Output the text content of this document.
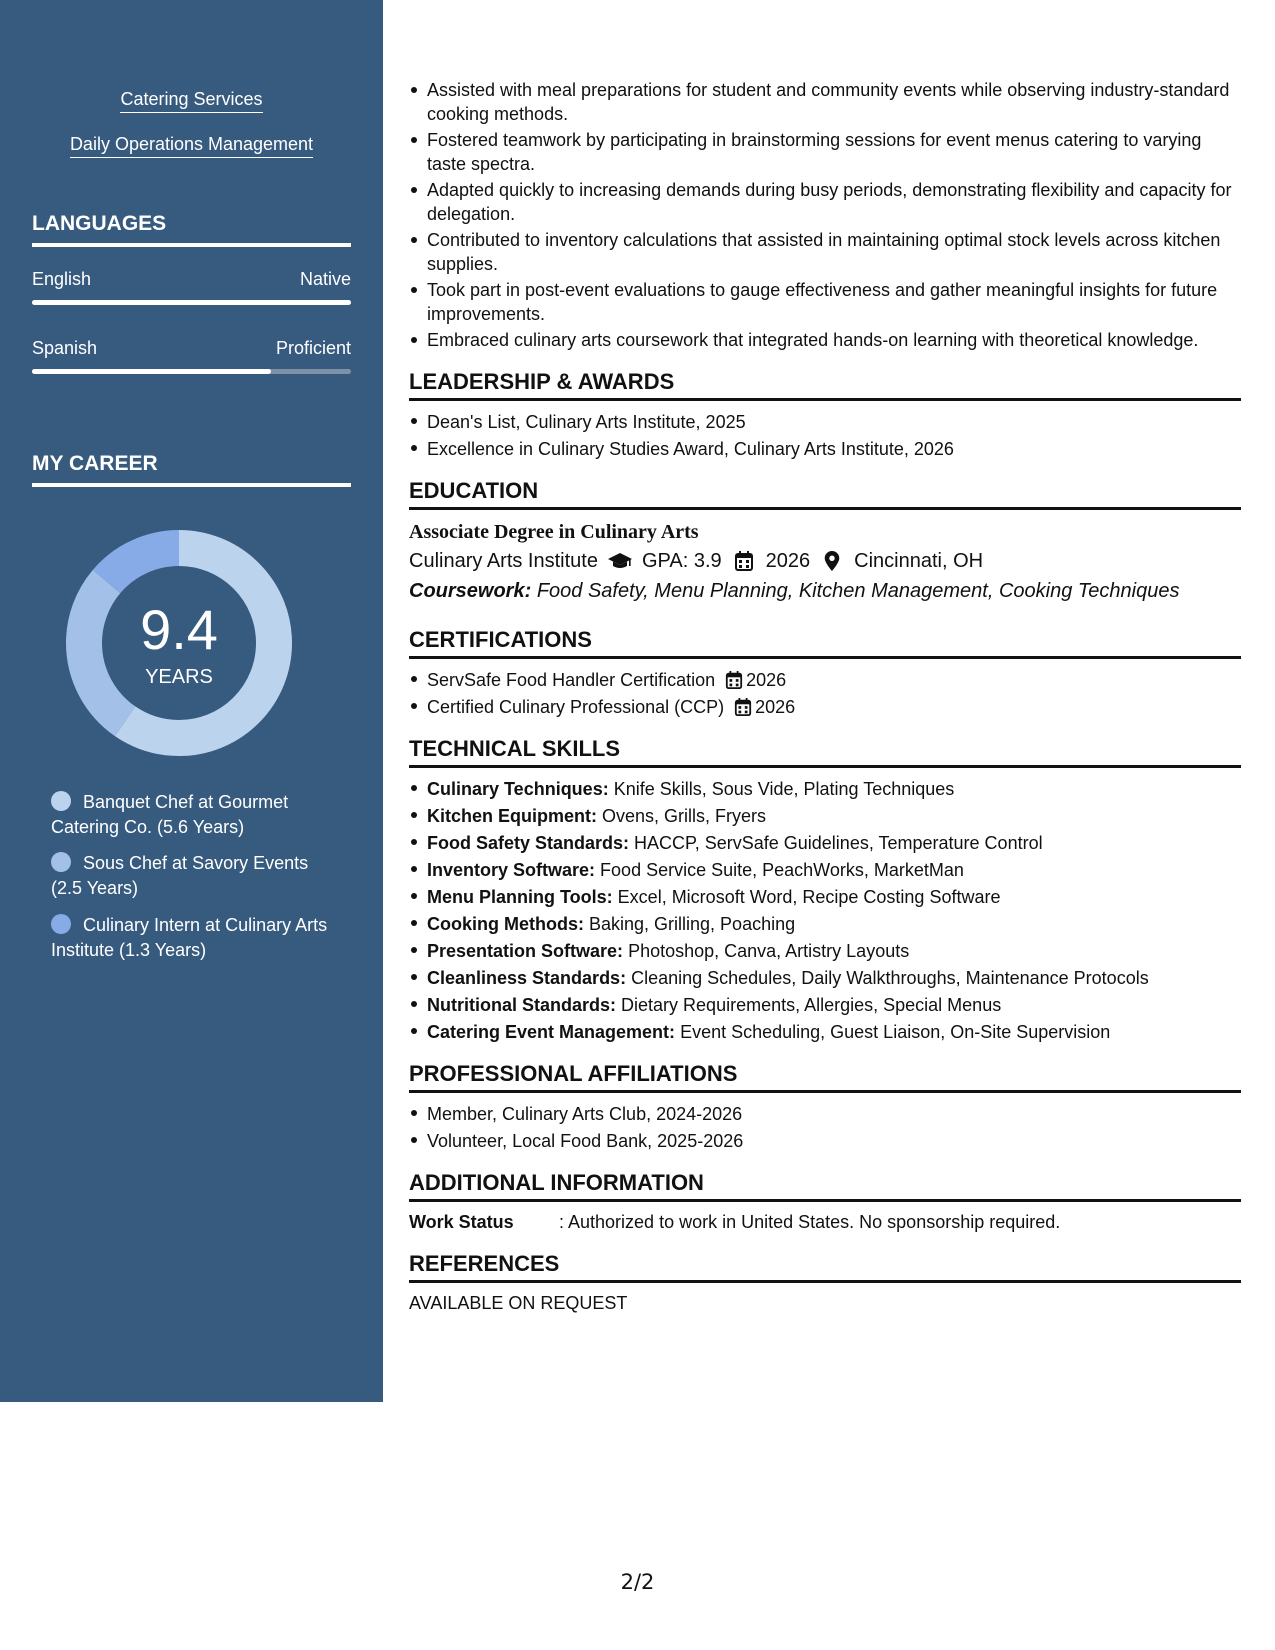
Catering Services
Daily Operations Management
LANGUAGES
English	Native
Spanish	Proficient
MY CAREER
9.4
YEARS
Banquet Chef at Gourmet Catering Co. (5.6 Years)
Sous Chef at Savory Events (2.5 Years)
Culinary Intern at Culinary Arts Institute (1.3 Years)
Assisted with meal preparations for student and community events while observing industry-standard cooking methods.
Fostered teamwork by participating in brainstorming sessions for event menus catering to varying taste spectra.
Adapted quickly to increasing demands during busy periods, demonstrating flexibility and capacity for delegation.
Contributed to inventory calculations that assisted in maintaining optimal stock levels across kitchen supplies.
Took part in post-event evaluations to gauge effectiveness and gather meaningful insights for future improvements.
Embraced culinary arts coursework that integrated hands-on learning with theoretical knowledge.
LEADERSHIP & AWARDS
Dean's List, Culinary Arts Institute, 2025
Excellence in Culinary Studies Award, Culinary Arts Institute, 2026
EDUCATION
Associate Degree in Culinary Arts
Culinary Arts Institute GPA: 3.9 2026 Cincinnati, OH
Coursework: Food Safety, Menu Planning, Kitchen Management, Cooking Techniques
CERTIFICATIONS
ServSafe Food Handler Certification 2026
Certified Culinary Professional (CCP) 2026
TECHNICAL SKILLS
Culinary Techniques: Knife Skills, Sous Vide, Plating Techniques
Kitchen Equipment: Ovens, Grills, Fryers
Food Safety Standards: HACCP, ServSafe Guidelines, Temperature Control
Inventory Software: Food Service Suite, PeachWorks, MarketMan
Menu Planning Tools: Excel, Microsoft Word, Recipe Costing Software
Cooking Methods: Baking, Grilling, Poaching
Presentation Software: Photoshop, Canva, Artistry Layouts
Cleanliness Standards: Cleaning Schedules, Daily Walkthroughs, Maintenance Protocols
Nutritional Standards: Dietary Requirements, Allergies, Special Menus
Catering Event Management: Event Scheduling, Guest Liaison, On-Site Supervision
PROFESSIONAL AFFILIATIONS
Member, Culinary Arts Club, 2024-2026
Volunteer, Local Food Bank, 2025-2026
ADDITIONAL INFORMATION
Work Status	: Authorized to work in United States. No sponsorship required.
REFERENCES
AVAILABLE ON REQUEST
2/2
